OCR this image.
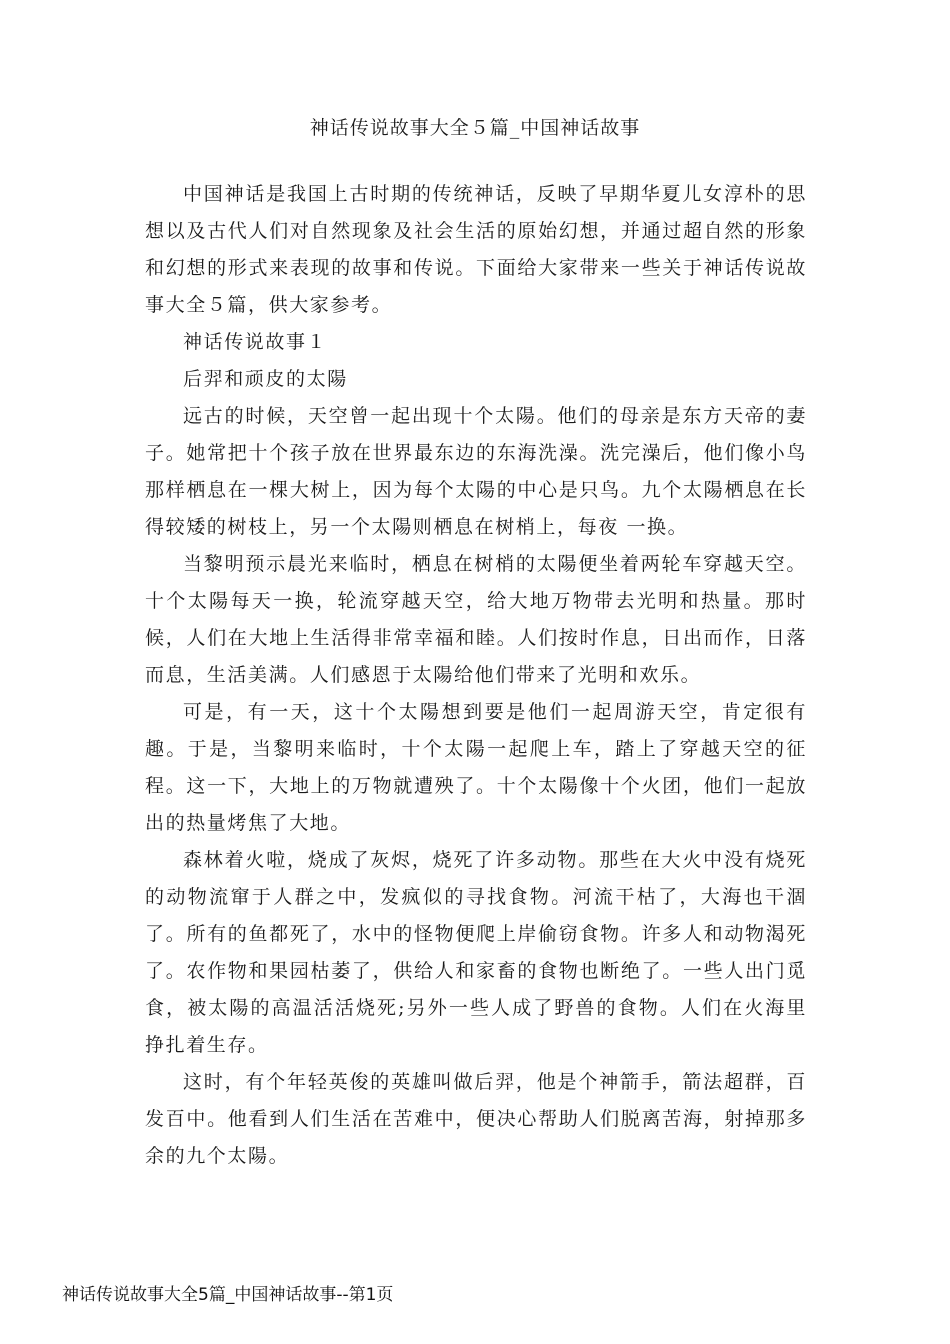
神话传说故事大全５篇_中国神话故事

中国神话是我国上古时期的传统神话，反映了早期华夏儿女淳朴的思想以及古代人们对自然现象及社会生活的原始幻想，并通过超自然的形象和幻想的形式来表现的故事和传说。下面给大家带来一些关于神话传说故事大全５篇，供大家参考。

神话传说故事１

后羿和顽皮的太陽

远古的时候，天空曾一起出现十个太陽。他们的母亲是东方天帝的妻子。她常把十个孩子放在世界最东边的东海洗澡。洗完澡后，他们像小鸟那样栖息在一棵大树上，因为每个太陽的中心是只鸟。九个太陽栖息在长得较矮的树枝上，另一个太陽则栖息在树梢上，每夜 一换。

当黎明预示晨光来临时，栖息在树梢的太陽便坐着两轮车穿越天空。十个太陽每天一换，轮流穿越天空，给大地万物带去光明和热量。那时候，人们在大地上生活得非常幸福和睦。人们按时作息，日出而作，日落而息，生活美满。人们感恩于太陽给他们带来了光明和欢乐。

可是，有一天，这十个太陽想到要是他们一起周游天空，肯定很有趣。于是，当黎明来临时，十个太陽一起爬上车，踏上了穿越天空的征程。这一下，大地上的万物就遭殃了。十个太陽像十个火团，他们一起放出的热量烤焦了大地。

森林着火啦，烧成了灰烬，烧死了许多动物。那些在大火中没有烧死的动物流窜于人群之中，发疯似的寻找食物。河流干枯了，大海也干涸了。所有的鱼都死了，水中的怪物便爬上岸偷窃食物。许多人和动物渴死了。农作物和果园枯萎了，供给人和家畜的食物也断绝了。一些人出门觅食，被太陽的高温活活烧死;另外一些人成了野兽的食物。人们在火海里挣扎着生存。

这时，有个年轻英俊的英雄叫做后羿，他是个神箭手，箭法超群，百发百中。他看到人们生活在苦难中，便决心帮助人们脱离苦海，射掉那多余的九个太陽。

神话传说故事大全5篇_中国神话故事--第1页
